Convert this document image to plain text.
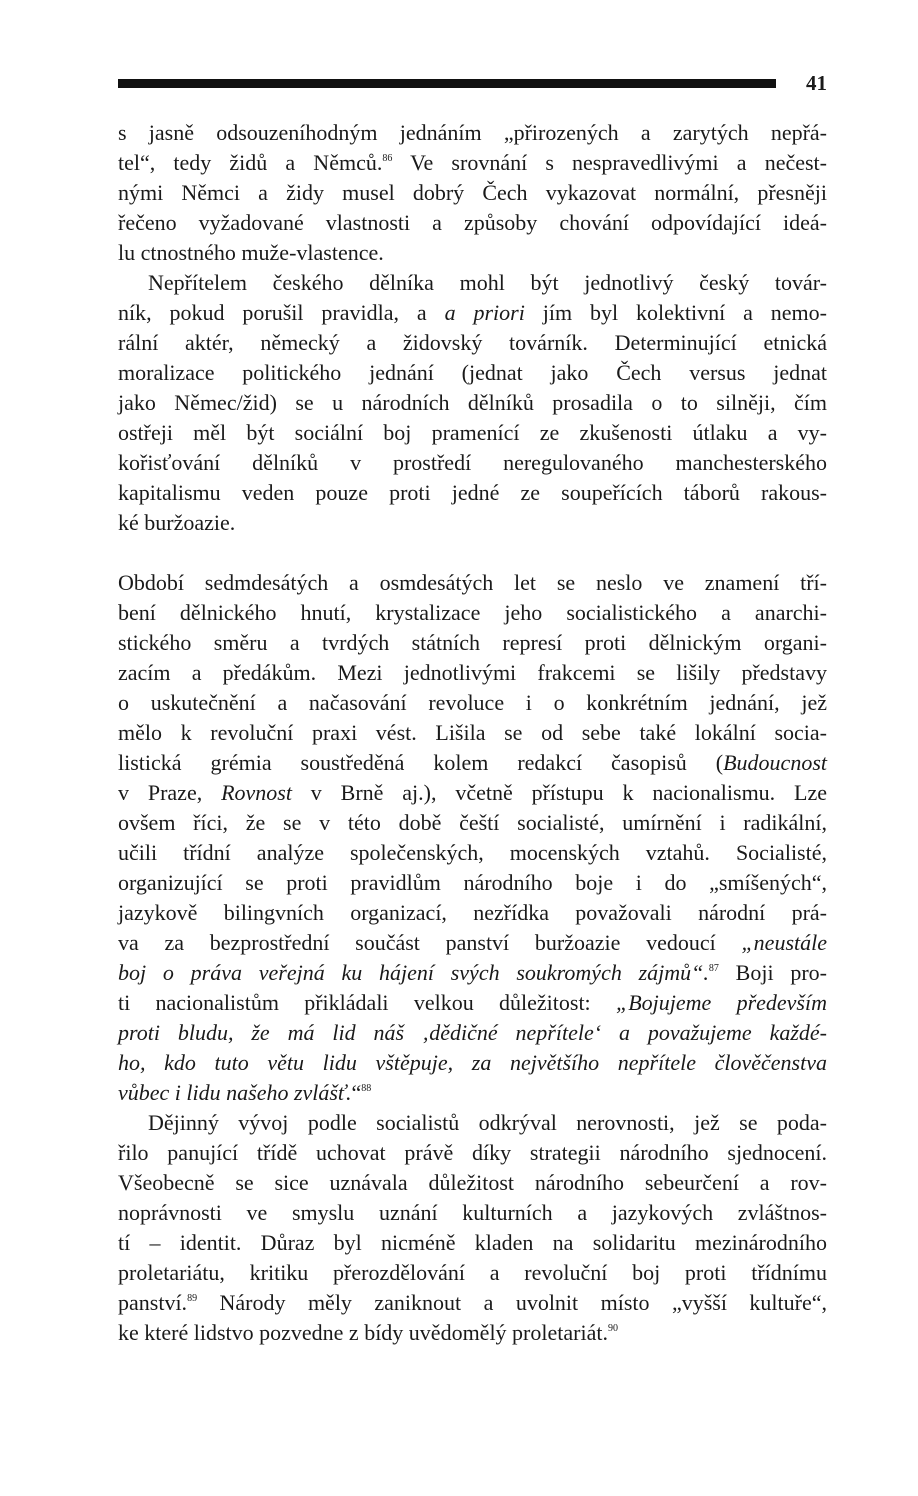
41
s jasně odsouzeníhodným jednáním „přirozených a zarytých nepřá-
tel“, tedy židů a Němců.$^{86}$ Ve srovnání s nespravedlivými a nečest-
nými Němci a židy musel dobrý Čech vykazovat normální, přesněji
řečeno vyžadované vlastnosti a způsoby chování odpovídající ideá-
lu ctnostného muže-vlastence.
Nepřítelem českého dělníka mohl být jednotlivý český továr-
ník, pokud porušil pravidla, a a priori jím byl kolektivní a nemo-
rální aktér, německý a židovský továrník. Determinující etnická
moralizace politického jednání (jednat jako Čech versus jednat
jako Němec/žid) se u národních dělníků prosadila o to silněji, čím
ostřeji měl být sociální boj pramenící ze zkušenosti útlaku a vy-
kořisťování dělníků v prostředí neregulovaného manchesterského
kapitalismu veden pouze proti jedné ze soupeřících táborů rakous-
ké buržoazie.
Období sedmdesátých a osmdesátých let se neslo ve znamení tří-
bení dělnického hnutí, krystalizace jeho socialistického a anarchi-
stického směru a tvrdých státních represí proti dělnickým organi-
zacím a předákům. Mezi jednotlivými frakcemi se lišily představy
o uskutečnění a načasování revoluce i o konkrétním jednání, jež
mělo k revoluční praxi vést. Lišila se od sebe také lokální socia-
listická grémia soustředěná kolem redakcí časopisů (Budoucnost
v Praze, Rovnost v Brně aj.), včetně přístupu k nacionalismu. Lze
ovšem říci, že se v této době čeští socialisté, umírnění i radikální,
učili třídní analýze společenských, mocenských vztahů. Socialisté,
organizující se proti pravidlům národního boje i do „smíšených“,
jazykově bilingvních organizací, nezřídka považovali národní prá-
va za bezprostřední součást panství buržoazie vedoucí „neustále
boj o práva veřejná ku hájení svých soukromých zájmů“.$^{87}$ Boji pro-
ti nacionalistům přikládali velkou důležitost: „Bojujeme především
proti bludu, že má lid náš ‚dědičné nepřítele‘ a považujeme každé-
ho, kdo tuto větu lidu vštěpuje, za největšího nepřítele člověčenstva
vůbec i lidu našeho zvlášť.“$^{88}$
Dějinný vývoj podle socialistů odkrýval nerovnosti, jež se poda-
řilo panující třídě uchovat právě díky strategii národního sjednocení.
Všeobecně se sice uznávala důležitost národního sebeurčení a rov-
noprávnosti ve smyslu uznání kulturních a jazykových zvláštnos-
tí – identit. Důraz byl nicméně kladen na solidaritu mezinárodního
proletariátu, kritiku přerozdělování a revoluční boj proti třídnímu
panství.$^{89}$ Národy měly zaniknout a uvolnit místo „vyšší kultuře“,
ke které lidstvo pozvedne z bídy uvědomělý proletariát.$^{90}$
